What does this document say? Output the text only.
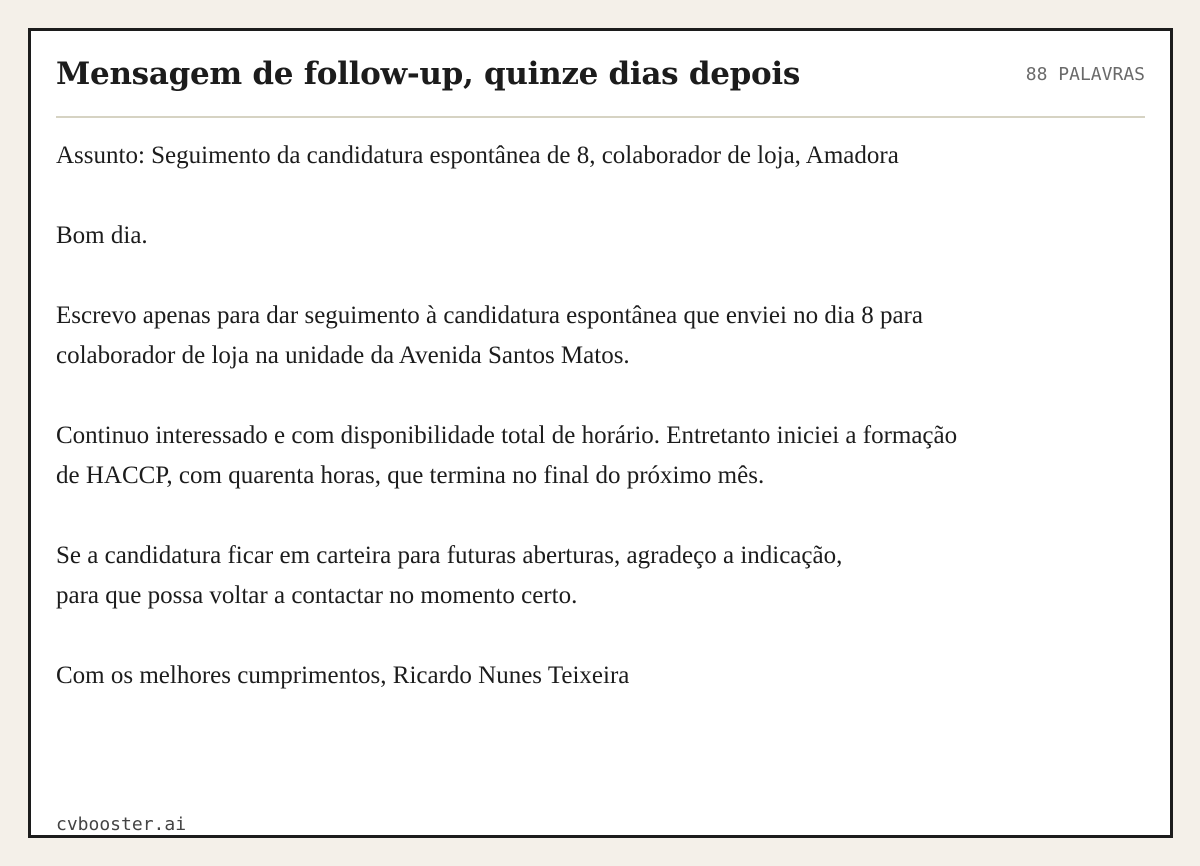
Mensagem de follow-up, quinze dias depois	88 PALAVRAS

Assunto: Seguimento da candidatura espontânea de 8, colaborador de loja, Amadora

Bom dia.

Escrevo apenas para dar seguimento à candidatura espontânea que enviei no dia 8 para colaborador de loja na unidade da Avenida Santos Matos.

Continuo interessado e com disponibilidade total de horário. Entretanto iniciei a formação de HACCP, com quarenta horas, que termina no final do próximo mês.

Se a candidatura ficar em carteira para futuras aberturas, agradeço a indicação, para que possa voltar a contactar no momento certo.

Com os melhores cumprimentos, Ricardo Nunes Teixeira

cvbooster.ai
